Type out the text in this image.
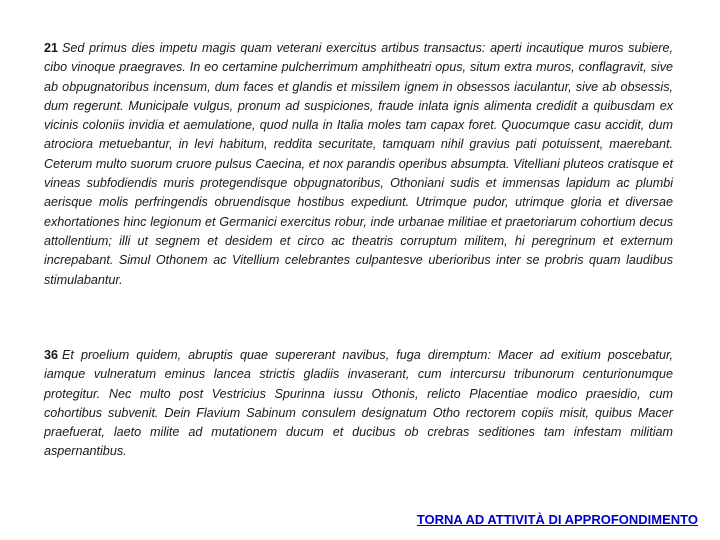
21 Sed primus dies impetu magis quam veterani exercitus artibus transactus: aperti incautique muros subiere, cibo vinoque praegraves. In eo certamine pulcherrimum amphitheatri opus, situm extra muros, conflagravit, sive ab obpugnatoribus incensum, dum faces et glandis et missilem ignem in obsessos iaculantur, sive ab obsessis, dum regerunt. Municipale vulgus, pronum ad suspiciones, fraude inlata ignis alimenta credidit a quibusdam ex vicinis coloniis invidia et aemulatione, quod nulla in Italia moles tam capax foret. Quocumque casu accidit, dum atrociora metuebantur, in levi habitum, reddita securitate, tamquam nihil gravius pati potuissent, maerebant. Ceterum multo suorum cruore pulsus Caecina, et nox parandis operibus absumpta. Vitelliani pluteos cratisque et vineas subfodiendis muris protegendisque obpugnatoribus, Othoniani sudis et immensas lapidum ac plumbi aerisque molis perfringendis obruendisque hostibus expediunt. Utrimque pudor, utrimque gloria et diversae exhortationes hinc legionum et Germanici exercitus robur, inde urbanae militiae et praetoriarum cohortium decus attollentium; illi ut segnem et desidem et circo ac theatris corruptum militem, hi peregrinum et externum increpabant. Simul Othonem ac Vitellium celebrantes culpantesve uberioribus inter se probris quam laudibus stimulabantur.

36 Et proelium quidem, abruptis quae supererant navibus, fuga diremptum: Macer ad exitium poscebatur, iamque vulneratum eminus lancea strictis gladiis invaserant, cum intercursu tribunorum centurionumque protegitur. Nec multo post Vestricius Spurinna iussu Othonis, relicto Placentiae modico praesidio, cum cohortibus subvenit. Dein Flavium Sabinum consulem designatum Otho rectorem copiis misit, quibus Macer praefuerat, laeto milite ad mutationem ducum et ducibus ob crebras seditiones tam infestam militiam aspernantibus.

TORNA AD ATTIVITÀ DI APPROFONDIMENTO
